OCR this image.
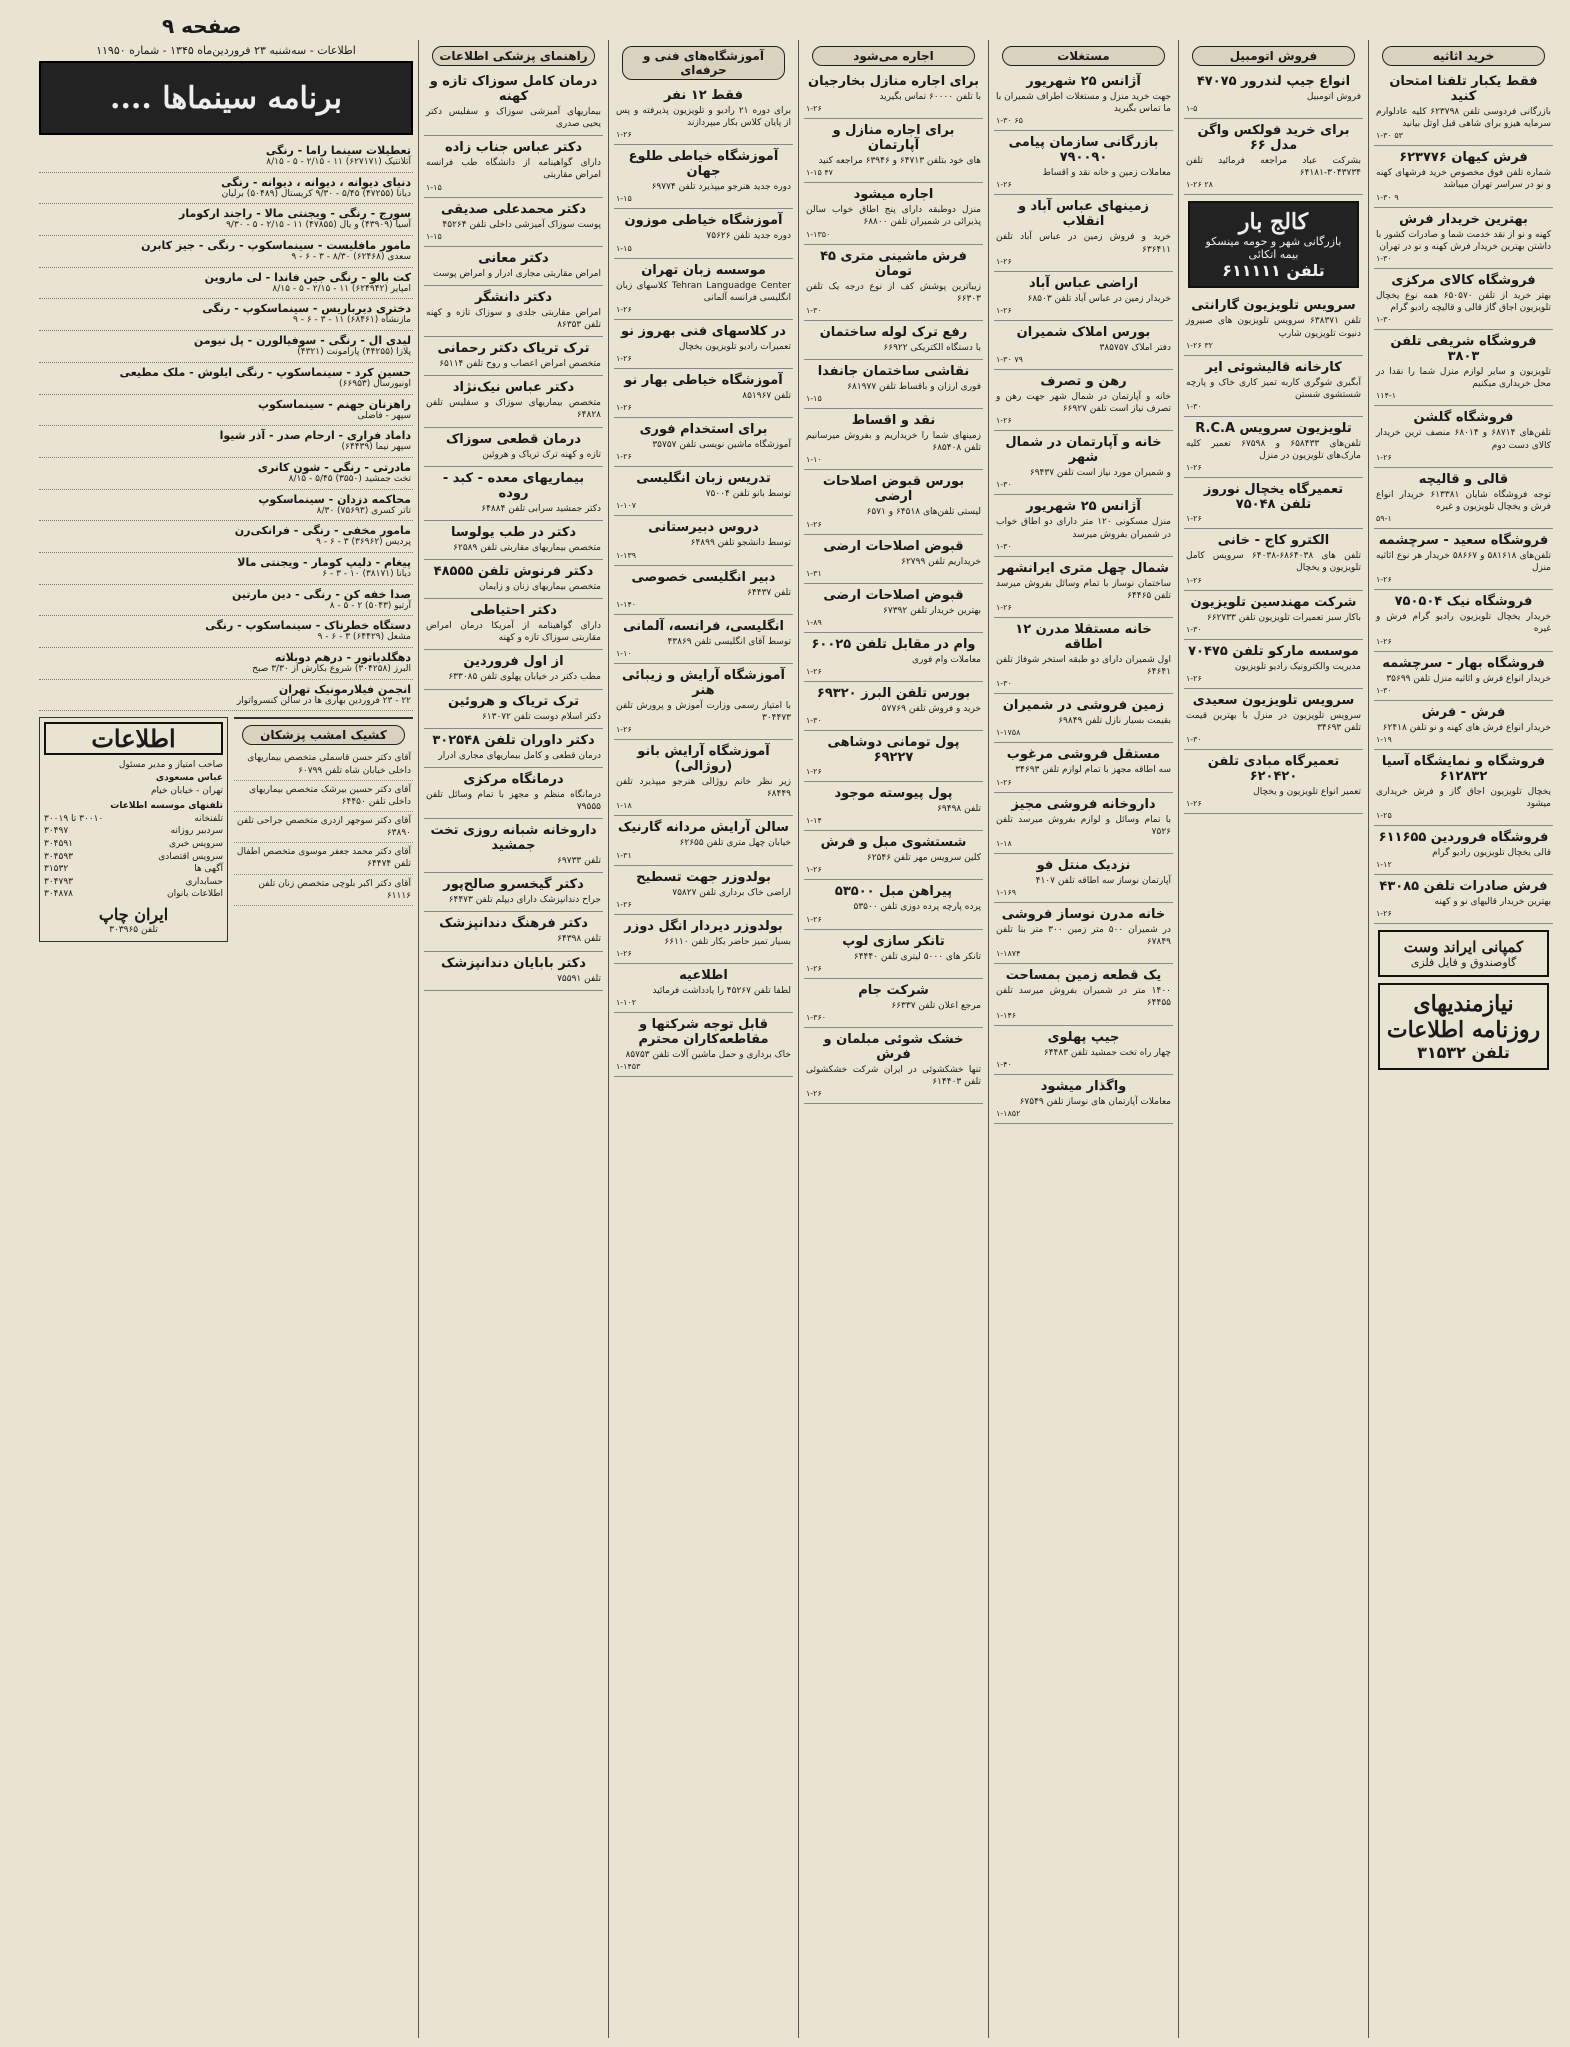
صفحه ۹
خرید اثاثیه
فقط یکبار تلفنا امتحان کنید

بازرگانی فردوسی تلفن ۶۲۳۷۹۸ کلیه عادلوارم سرمایه هیزو برای شاهی قبل اوتل بیانید

۱-۳۰ ۵۳
فرش کیهان ۶۲۳۷۷۶

شماره تلفن فوق مخصوص خرید فرشهای کهنه و نو در سراسر تهران میباشد

۱-۳۰ ۹
بهترین خریدار فرش

کهنه و نو از نقد خدمت شما و صادرات کشور با داشتن بهترین خریدار فرش کهنه و نو در تهران

۱-۳۰
فروشگاه کالای مرکزی

بهتر خرید از تلفن ۶۵۰۵۷۰ همه نوع یخچال تلویزیون اجاق گاز قالی و قالیچه رادیو گرام

۱-۳۰
فروشگاه شریفی تلفن ۳۸۰۳

تلویزیون و سایر لوازم منزل شما را نقدا در محل خریداری میکنیم

۱۱۴-۱
فروشگاه گلشن

تلفن‌های ۶۸۷۱۴ و ۶۸۰۱۴ منصف ترین خریدار کالای دست دوم

۱-۲۶
قالی و قالیچه

توجه فروشگاه شایان ۶۱۳۳۸۱ خریدار انواع فرش و یخچال تلویزیون و غیره

۵۹-۱
فروشگاه سعید - سرچشمه

تلفن‌های ۵۸۱۶۱۸ و ۵۸۶۶۷ خریدار هر نوع اثاثیه منزل

۱-۲۶
فروشگاه نیک ۷۵۰۵۰۴

خریدار یخچال تلویزیون رادیو گرام فرش و غیره

۱-۲۶
فروشگاه بهار - سرچشمه

خریدار انواع فرش و اثاثیه منزل تلفن ۳۵۶۹۹

۱-۳۰
فرش - فرش

خریدار انواع فرش های کهنه و نو تلفن ۶۲۴۱۸

۱-۱۹
فروشگاه و نمایشگاه آسیا ۶۱۲۸۳۲

یخچال تلویزیون اجاق گاز و فرش خریداری میشود

۱-۲۵
فروشگاه فروردین ۶۱۱۶۵۵

قالی یخچال تلویزیون رادیو گرام

۱-۱۲
فرش صادرات تلفن ۴۳۰۸۵

بهترین خریدار قالیهای نو و کهنه

۱-۲۶
کمپانی ایراند وست
گاوصندوق و فایل فلزی
نیازمندیهای روزنامه اطلاعات
تلفن ۳۱۵۳۲
فروش اتومبیل
انواع جیپ لندرور ۴۷۰۷۵

فروش اتومبیل

۱-۵
برای خرید فولکس واگن مدل ۶۶

بشرکت عباد مراجعه فرمائید تلفن ۳۰۴۳۷۳۴-۶۴۱۸۱

۱-۲۶ ۲۸
کالج بار
بازرگانی شهر و حومه مینسکو بیمه اتکائی
تلفن ۶۱۱۱۱۱
سرویس تلویزیون گارانتی

تلفن ۶۳۸۳۷۱ سرویس تلویزیون های صبیروز دنیوت تلویزیون شارپ

۱-۲۶ ۳۲
کارخانه قالیشوئی ایر

آبگیری شوگری کاربه تمیز کاری خاک و پارچه شستشوی شستن

۱-۳۰
تلویزیون سرویس R.C.A

تلفن‌های ۶۵۸۴۳۳ و ۶۷۵۹۸ تعمیر کلیه مارک‌های تلویزیون در منزل

۱-۲۶
تعمیرگاه یخچال نوروز تلفن ۷۵۰۴۸
۱-۲۶
الکترو کاج - خانی

تلفن های ۶۸۶۴۰۳۸-۶۴۰۳۸ سرویس کامل تلویزیون و یخچال

۱-۲۶
شرکت مهندسین تلویزیون

باکار سبز تعمیرات تلویزیون تلفن ۶۶۲۷۳۳

۱-۳۰
موسسه مارکو تلفن ۷۰۴۷۵

مدیریت والکترونیک رادیو تلویزیون

۱-۲۶
سرویس تلویزیون سعیدی

سرویس تلویزیون در منزل با بهترین قیمت تلفن ۳۴۶۹۳

۱-۳۰
تعمیرگاه مبادی تلفن ۶۲۰۴۲۰

تعمیر انواع تلویزیون و یخچال

۱-۲۶
مستغلات
آژانس ۲۵ شهریور

جهت خرید منزل و مستغلات اطراف شمیران با ما تماس بگیرید

۱-۳۰ ۶۵
بازرگانی سازمان پیامی ۷۹۰۰۹۰

معاملات زمین و خانه نقد و اقساط

۱-۲۶
زمینهای عباس آباد و انقلاب

خرید و فروش زمین در عباس آباد تلفن ۶۳۶۴۱۱

۱-۲۶
اراضی عباس آباد

خریدار زمین در عباس آباد تلفن ۶۸۵۰۳

۱-۲۶
بورس املاک شمیران

دفتر املاک ۳۸۵۷۵۷

۱-۳۰ ۷۹
رهن و تصرف

خانه و آپارتمان در شمال شهر جهت رهن و تصرف نیاز است تلفن ۶۶۹۲۷

۱-۲۶
خانه و آپارتمان در شمال شهر

و شمیران مورد نیاز است تلفن ۶۹۴۳۷

۱-۳۰
آژانس ۲۵ شهریور

منزل مسکونی ۱۲۰ متر دارای دو اطاق خواب در شمیران بفروش میرسد

۱-۳۰
شمال چهل متری ایرانشهر

ساختمان نوساز با تمام وسائل بفروش میرسد تلفن ۶۴۴۶۵

۱-۲۶
خانه مستقلا مدرن ۱۲ اطاقه

اول شمیران دارای دو طبقه استخر شوفاژ تلفن ۶۴۶۴۱

۱-۳۰
زمین فروشی در شمیران

بقیمت بسیار نازل تلفن ۶۹۸۴۹

۱-۱۷۵۸
مستقل فروشی مرغوب

سه اطاقه مجهز با تمام لوازم تلفن ۳۴۶۹۳

۱-۲۶
داروخانه فروشی مجیز

با تمام وسائل و لوازم بفروش میرسد تلفن ۷۵۲۶

۱-۱۸
نزدیک منتل فو

آپارتمان نوساز سه اطاقه تلفن ۴۱۰۷

۱-۱۶۹
خانه مدرن نوساز فروشی

در شمیران ۵۰۰ متر زمین ۳۰۰ متر بنا تلفن ۶۷۸۴۹

۱-۱۸۷۴
یک قطعه زمین بمساحت

۱۴۰۰ متر در شمیران بفروش میرسد تلفن ۶۴۴۵۵

۱-۱۴۶
جیپ پهلوی

چهار راه تخت جمشید تلفن ۶۴۴۸۳

۱-۴۰
واگذار میشود

معاملات آپارتمان های نوساز تلفن ۶۷۵۴۹

۱-۱۸۵۲
اجاره می‌شود
برای اجاره منازل بخارجیان

با تلفن ۶۰۰۰۰ تماس بگیرید

۱-۲۶
برای اجاره منازل و آپارتمان

های خود بتلفن ۶۴۷۱۳ و ۶۳۹۴۶ مراجعه کنید

۱-۱۵ ۴۷
اجاره میشود

منزل دوطبقه دارای پنج اطاق خواب سالن پذیرائی در شمیران تلفن ۶۸۸۰۰

۱-۱۳۵۰
فرش ماشینی متری ۴۵ تومان

زیباترین پوشش کف از نوع درجه یک تلفن ۶۶۳۰۳

۱-۳۰
رفع ترک لوله ساختمان

با دستگاه الکتریکی ۶۶۹۲۲

نقاشی ساختمان جانفدا

فوری ارزان و باقساط تلفن ۶۸۱۹۷۷

۱-۱۵
نقد و اقساط

زمینهای شما را خریداریم و بفروش میرسانیم تلفن ۶۸۵۴۰۸

۱-۱۰
بورس قبوض اصلاحات ارضی

لیستی تلفن‌های ۶۴۵۱۸ و ۶۵۷۱

۱-۲۶
قبوض اصلاحات ارضی

خریداریم تلفن ۶۲۷۹۹

۱-۳۱
قبوض اصلاحات ارضی

بهترین خریدار تلفن ۶۷۳۹۲

۱-۸۹
وام در مقابل تلفن ۶۰۰۲۵

معاملات وام فوری

۱-۲۶
بورس تلفن البرز ۶۹۳۲۰

خرید و فروش تلفن ۵۷۷۶۹

۱-۳۰
پول تومانی دوشاهی ۶۹۲۲۷
۱-۲۶
پول پیوسته موجود

تلفن ۶۹۴۹۸

۱-۱۴
شستشوی مبل و فرش

کلین سرویس مهر تلفن ۶۲۵۴۶

۱-۲۶
پیراهن مبل ۵۳۵۰۰

پرده پارچه پرده دوزی تلفن ۵۳۵۰۰

۱-۲۶
تانکر سازی لوپ

تانکر های ۵۰۰۰ لیتری تلفن ۶۴۴۴۰

۱-۲۶
شرکت جام

مرجع اعلان تلفن ۶۶۳۳۷

۱-۳۶۰
خشک شوئی مبلمان و فرش

تنها خشکشوئی در ایران شرکت خشکشوئی تلفن ۶۱۴۴۰۳

۱-۲۶
آموزشگاه‌های فنی و حرفه‌ای
فقط ۱۲ نفر

برای دوره ۲۱ رادیو و تلویزیون پذیرفته و پس از پایان کلاس بکار میپردازند

۱-۲۶
آموزشگاه خیاطی طلوع جهان

دوره جدید هنرجو میپذیرد تلفن ۶۹۷۷۴

۱-۱۵
آموزشگاه خیاطی موزون

دوره جدید تلفن ۷۵۶۲۶

۱-۱۵
موسسه زبان تهران

Tehran Languadge Center کلاسهای زبان انگلیسی فرانسه آلمانی

۱-۲۶
در کلاسهای فنی بهروز نو

تعمیرات رادیو تلویزیون یخچال

۱-۲۶
آموزشگاه خیاطی بهار نو

تلفن ۸۵۱۹۶۷

۱-۲۶
برای استخدام فوری

آموزشگاه ماشین نویسی تلفن ۳۵۷۵۷

۱-۲۶
تدریس زبان انگلیسی

توسط بانو تلفن ۷۵۰۰۴

۱-۱۰۷
دروس دبیرستانی

توسط دانشجو تلفن ۶۴۸۹۹

۱-۱۳۹
دبیر انگلیسی خصوصی

تلفن ۶۴۴۳۷

۱-۱۴۰
انگلیسی، فرانسه، آلمانی

توسط آقای انگلیسی تلفن ۴۳۸۶۹

۱-۱۰
آموزشگاه آرایش و زیبائی هنر

با امتیاز رسمی وزارت آموزش و پرورش تلفن ۳۰۴۴۷۳

۱-۲۶
آموزشگاه آرایش بانو (روژالی)

زیر نظر خانم روژالی هنرجو میپذیرد تلفن ۶۸۴۴۹

۱-۱۸
سالن آرایش مردانه گارنیک

خیابان چهل متری تلفن ۶۲۶۵۵

۱-۳۱
بولدوزر جهت تسطیح

اراضی خاک برداری تلفن ۷۵۸۲۷

۱-۲۶
بولدوزر دیردار انگل دوزر

بسیار تمیز حاضر بکار تلفن ۶۶۱۱۰

۱-۲۶
اطلاعیه

لطفا تلفن ۴۵۲۶۷ را یادداشت فرمائید

۱-۱۰۲
قابل توجه شرکتها و مقاطعه‌کاران محترم

خاک برداری و حمل ماشین آلات تلفن ۸۵۷۵۳

۱-۱۴۵۳
راهنمای پزشکی اطلاعات
درمان کامل سوزاک تازه و کهنه

بیماریهای آمیزشی سوزاک و سفلیس دکتر یحیی صدری

دکتر عباس جناب زاده

دارای گواهینامه از دانشگاه طب فرانسه امراض مقاربتی

۱-۱۵
دکتر محمدعلی صدیقی

پوست سوزاک آمیزشی داخلی تلفن ۴۵۲۶۴

۱-۱۵
دکتر معانی

امراض مقاربتی مجاری ادرار و امراض پوست

دکتر دانشگر

امراض مقاربتی جلدی و سوزاک تازه و کهنه تلفن ۸۶۳۵۳

ترک تریاک دکتر رحمانی

متخصص امراض اعصاب و روح تلفن ۶۵۱۱۴

دکتر عباس نیک‌نژاد

متخصص بیماریهای سوزاک و سفلیس تلفن ۶۴۸۲۸

درمان قطعی سوزاک

تازه و کهنه ترک تریاک و هروئین

بیماریهای معده - کبد - روده

دکتر جمشید سرابی تلفن ۶۴۸۸۴

دکتر در طب یولوسا

متخصص بیماریهای مقاربتی تلفن ۶۲۵۸۹

دکتر فرنوش تلفن ۴۸۵۵۵

متخصص بیماریهای زنان و زایمان

دکتر احتیاطی

دارای گواهینامه از آمریکا درمان امراض مقاربتی سوزاک تازه و کهنه

از اول فروردین

مطب دکتر در خیابان پهلوی تلفن ۶۳۳۰۸۵

ترک تریاک و هروئین

دکتر اسلام دوست تلفن ۶۱۳۰۷۲

دکتر داوران تلفن ۳۰۲۵۴۸

درمان قطعی و کامل بیماریهای مجاری ادرار

درمانگاه مرکزی

درمانگاه منظم و مجهز با تمام وسائل تلفن ۷۹۵۵۵

داروخانه شبانه روزی تخت جمشید

تلفن ۶۹۷۳۳

دکتر گیخسرو صالح‌پور

جراح دندانپزشک دارای دیپلم تلفن ۶۴۴۷۳

دکتر فرهنگ دندانپزشک

تلفن ۶۴۳۹۸

دکتر بابایان دندانپزشک

تلفن ۷۵۵۹۱

اطلاعات - سه‌شنبه ۲۳ فروردین‌ماه ۱۳۴۵ - شماره ۱۱۹۵۰
برنامه سینماها ....
تعطیلات سینما راما - رنگی
آتلانتیک (۶۲۷۱۷۱) ۱۱ - ۲/۱۵ - ۵ - ۸/۱۵
دنیای دیوانه ، دیوانه ، دیوانه - رنگی
دیانا (۴۷۲۵۵) ۵/۴۵ - ۹/۳۰ کریستال (۵۰۴۸۹) برلیان
سورج - رنگی - ویجنتی مالا - راجند ارکومار
آسیا (۴۳۹۰۹) و یال (۴۷۸۵۵) ۱۱ - ۲/۱۵ - ۵ - ۹/۳۰
مامور مافلیست - سینماسکوپ - رنگی - جیز کابرن
سعدی (۶۲۴۶۸) ۸/۳۰ - ۳ - ۶ - ۹
کت بالو - رنگی جین فاندا - لی ماروین
امپایر (۶۲۴۹۴۲) ۱۱ - ۲/۱۵ - ۵ - ۸/۱۵
دختری دیرباریس - سینماسکوپ - رنگی
مازنشاه (۶۸۴۶۱) ۱۱ - ۳ - ۶ - ۹
لیدی ال - رنگی - سوفیالورن - پل نیومن
پلازا (۴۴۲۵۵) پارامونت (۴۳۲۱)
حسین کرد - سینماسکوپ - رنگی ایلوش - ملک مطیعی
اونیورسال (۶۶۹۵۳)
راهزنان جهنم - سینماسکوپ
سپهر - فاضلی
داماد فراری - ارحام صدر - آذر شیوا
سپهر نیما (۶۴۴۳۹)
مادرتی - رنگی - شون کانری
تخت جمشید (۳۵۵۰) ۵/۴۵ - ۸/۱۵
محاکمه دزدان - سینماسکوپ
تاتر کسری (۷۵۶۹۳) ۸/۳۰
مامور مخفی - رنگی - فرانکی‌رن
پردیس (۳۶۹۶۲) ۳ - ۶ - ۹
پیغام - دلیپ کومار - ویجنتی مالا
دیانا (۳۸۱۷۱) ۱۰ - ۳ - ۶
صدا خفه کن - رنگی - دین مارتین
آرتیو (۵۰۴۳) ۲ - ۵ - ۸
دستگاه خطرناک - سینماسکوپ - رنگی
مشعل (۶۴۴۲۹) ۳ - ۶ - ۹
دهگلدیاتور - درهم دوبلاته
البرز (۳۰۴۲۵۸) شروع بکارش از ۳/۳۰ صبح
انجمن فیلارمونیک تهران
۲۲ - ۲۳ فروردین بهاری ها در سالن کنسرواتوار
کشیک امشب پزشکان
آقای دکتر حسن قاسملی متخصص بیماریهای داخلی خیابان شاه تلفن ۶۰۷۹۹
آقای دکتر حسین بیرشک متخصص بیماریهای داخلی تلفن ۶۴۴۵۰
آقای دکتر سوجهر ازدری متخصص جراحی تلفن ۶۳۸۹۰
آقای دکتر محمد جعفر موسوی متخصص اطفال تلفن ۶۴۴۷۴
آقای دکتر اکبر بلوچی متخصص زنان تلفن ۶۱۱۱۶
اطلاعات
صاحب امتیاز و مدیر مسئول
عباس مسعودی
تهران - خیابان خیام
تلفنهای موسسه اطلاعات
تلفنخانه
۳۰۰۱۰ تا ۳۰۰۱۹
سردبیر روزانه
۳۰۴۹۷
سرویس خبری
۳۰۴۵۹۱
سرویس اقتصادی
۳۰۴۵۹۳
آگهی ها
۳۱۵۳۲
حسابداری
۳۰۴۷۹۳
اطلاعات بانوان
۳۰۴۸۷۸
ایران چاپ
تلفن ۳۰۳۹۶۵
